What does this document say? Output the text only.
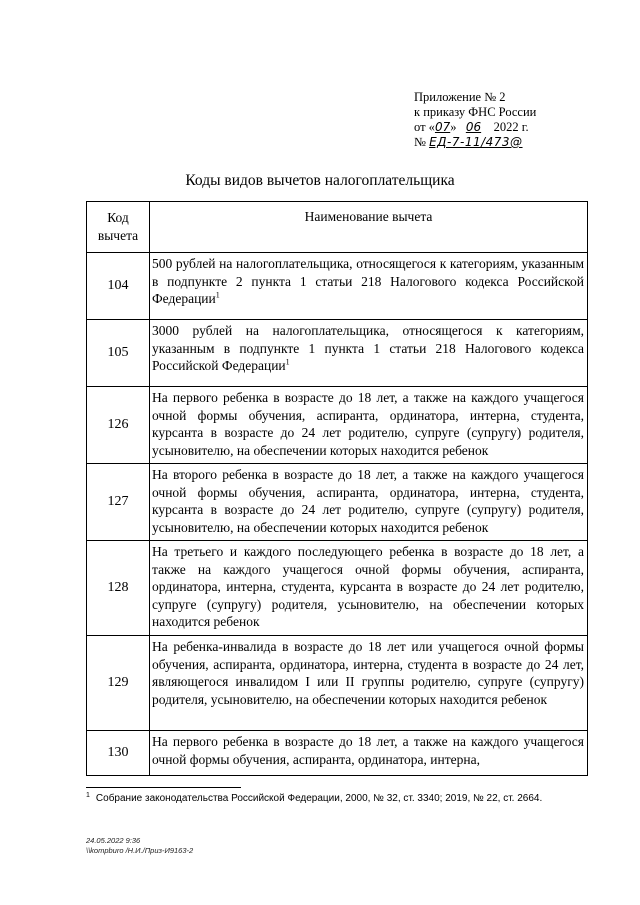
Приложение № 2
к приказу ФНС России
от «07» 06 2022 г.
№ ЕД-7-11/473@
Коды видов вычетов налогоплательщика
Код вычета	Наименование вычета
104	500 рублей на налогоплательщика, относящегося к категориям, указанным в подпункте 2 пункта 1 статьи 218 Налогового кодекса Российской Федерации$^1$
105	3000 рублей на налогоплательщика, относящегося к категориям, указанным в подпункте 1 пункта 1 статьи 218 Налогового кодекса Российской Федерации$^1$
126	На первого ребенка в возрасте до 18 лет, а также на каждого учащегося очной формы обучения, аспиранта, ординатора, интерна, студента, курсанта в возрасте до 24 лет родителю, супруге (супругу) родителя, усыновителю, на обеспечении которых находится ребенок
127	На второго ребенка в возрасте до 18 лет, а также на каждого учащегося очной формы обучения, аспиранта, ординатора, интерна, студента, курсанта в возрасте до 24 лет родителю, супруге (супругу) родителя, усыновителю, на обеспечении которых находится ребенок
128	На третьего и каждого последующего ребенка в возрасте до 18 лет, а также на каждого учащегося очной формы обучения, аспиранта, ординатора, интерна, студента, курсанта в возрасте до 24 лет родителю, супруге (супругу) родителя, усыновителю, на обеспечении которых находится ребенок
129	На ребенка-инвалида в возрасте до 18 лет или учащегося очной формы обучения, аспиранта, ординатора, интерна, студента в возрасте до 24 лет, являющегося инвалидом I или II группы родителю, супруге (супругу) родителя, усыновителю, на обеспечении которых находится ребенок
130	На первого ребенка в возрасте до 18 лет, а также на каждого учащегося очной формы обучения, аспиранта, ординатора, интерна,
$^1$ Собрание законодательства Российской Федерации, 2000, № 32, ст. 3340; 2019, № 22, ст. 2664.
24.05.2022 9:36
\\kompburo /Н.И./Приз-И9163-2
